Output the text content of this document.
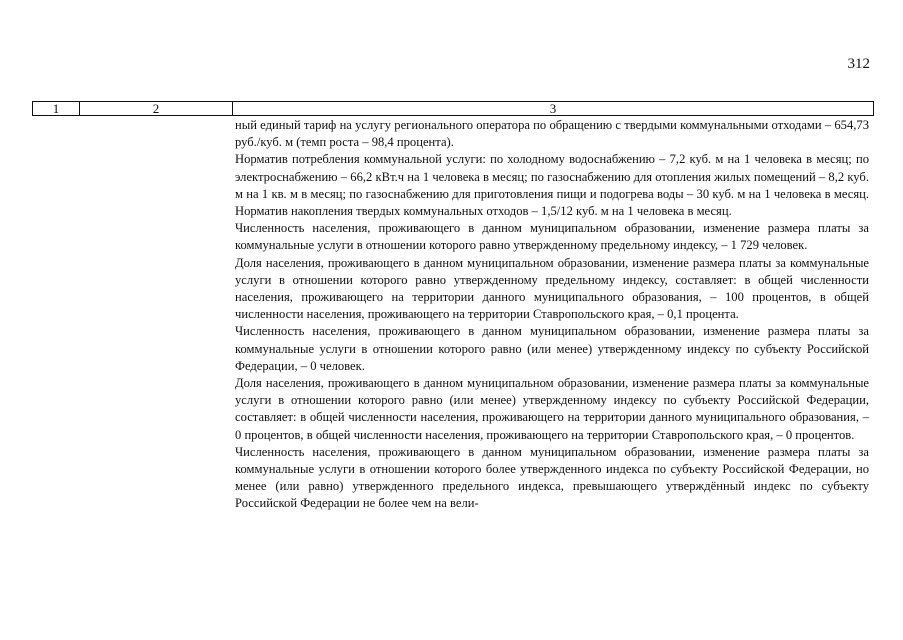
312
1	2	3

ный единый тариф на услугу регионального оператора по обращению с твердыми коммунальными отходами – 654,73 руб./куб. м (темп роста – 98,4 процента).

Норматив потребления коммунальной услуги: по холодному водоснабжению – 7,2 куб. м на 1 человека в месяц; по электроснабжению – 66,2 кВт.ч на 1 человека в месяц; по газоснабжению для отопления жилых помещений – 8,2 куб. м на 1 кв. м в месяц; по газоснабжению для приготовления пищи и подогрева воды – 30 куб. м на 1 человека в месяц. Норматив накопления твердых коммунальных отходов – 1,5/12 куб. м на 1 человека в месяц.

Численность населения, проживающего в данном муниципальном образовании, изменение размера платы за коммунальные услуги в отношении которого равно утвержденному предельному индексу, – 1 729 человек.

Доля населения, проживающего в данном муниципальном образовании, изменение размера платы за коммунальные услуги в отношении которого равно утвержденному предельному индексу, составляет: в общей численности населения, проживающего на территории данного муниципального образования, – 100 процентов, в общей численности населения, проживающего на территории Ставропольского края, – 0,1 процента.

Численность населения, проживающего в данном муниципальном образовании, изменение размера платы за коммунальные услуги в отношении которого равно (или менее) утвержденному индексу по субъекту Российской Федерации, – 0 человек.

Доля населения, проживающего в данном муниципальном образовании, изменение размера платы за коммунальные услуги в отношении которого равно (или менее) утвержденному индексу по субъекту Российской Федерации, составляет: в общей численности населения, проживающего на территории данного муниципального образования, – 0 процентов, в общей численности населения, проживающего на территории Ставропольского края, – 0 процентов.

Численность населения, проживающего в данном муниципальном образовании, изменение размера платы за коммунальные услуги в отношении которого более утвержденного индекса по субъекту Российской Федерации, но менее (или равно) утвержденного предельного индекса, превышающего утверждённый индекс по субъекту Российской Федерации не более чем на вели-
